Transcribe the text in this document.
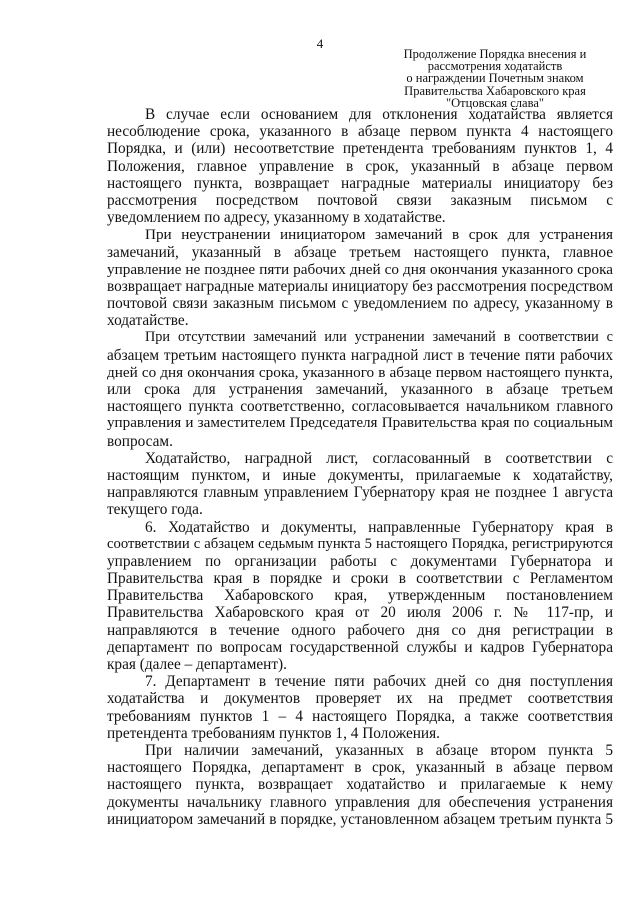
4
Продолжение Порядка внесения и
рассмотрения ходатайств
о награждении Почетным знаком
Правительства Хабаровского края
"Отцовская слава"
В случае если основанием для отклонения ходатайства является
несоблюдение срока, указанного в абзаце первом пункта 4 настоящего
Порядка, и (или) несоответствие претендента требованиям пунктов 1, 4
Положения, главное управление в срок, указанный в абзаце первом
настоящего пункта, возвращает наградные материалы инициатору без
рассмотрения посредством почтовой связи заказным письмом с
уведомлением по адресу, указанному в ходатайстве.
При неустранении инициатором замечаний в срок для устранения
замечаний, указанный в абзаце третьем настоящего пункта, главное
управление не позднее пяти рабочих дней со дня окончания указанного срока
возвращает наградные материалы инициатору без рассмотрения посредством
почтовой связи заказным письмом с уведомлением по адресу, указанному в
ходатайстве.
При отсутствии замечаний или устранении замечаний в соответствии с
абзацем третьим настоящего пункта наградной лист в течение пяти рабочих
дней со дня окончания срока, указанного в абзаце первом настоящего пункта,
или срока для устранения замечаний, указанного в абзаце третьем
настоящего пункта соответственно, согласовывается начальником главного
управления и заместителем Председателя Правительства края по социальным
вопросам.
Ходатайство, наградной лист, согласованный в соответствии с
настоящим пунктом, и иные документы, прилагаемые к ходатайству,
направляются главным управлением Губернатору края не позднее 1 августа
текущего года.
6. Ходатайство и документы, направленные Губернатору края в
соответствии с абзацем седьмым пункта 5 настоящего Порядка, регистрируются
управлением по организации работы с документами Губернатора и
Правительства края в порядке и сроки в соответствии с Регламентом
Правительства Хабаровского края, утвержденным постановлением
Правительства Хабаровского края от 20 июля 2006 г. № 117-пр, и
направляются в течение одного рабочего дня со дня регистрации в
департамент по вопросам государственной службы и кадров Губернатора
края (далее – департамент).
7. Департамент в течение пяти рабочих дней со дня поступления
ходатайства и документов проверяет их на предмет соответствия
требованиям пунктов 1 – 4 настоящего Порядка, а также соответствия
претендента требованиям пунктов 1, 4 Положения.
При наличии замечаний, указанных в абзаце втором пункта 5
настоящего Порядка, департамент в срок, указанный в абзаце первом
настоящего пункта, возвращает ходатайство и прилагаемые к нему
документы начальнику главного управления для обеспечения устранения
инициатором замечаний в порядке, установленном абзацем третьим пункта 5
